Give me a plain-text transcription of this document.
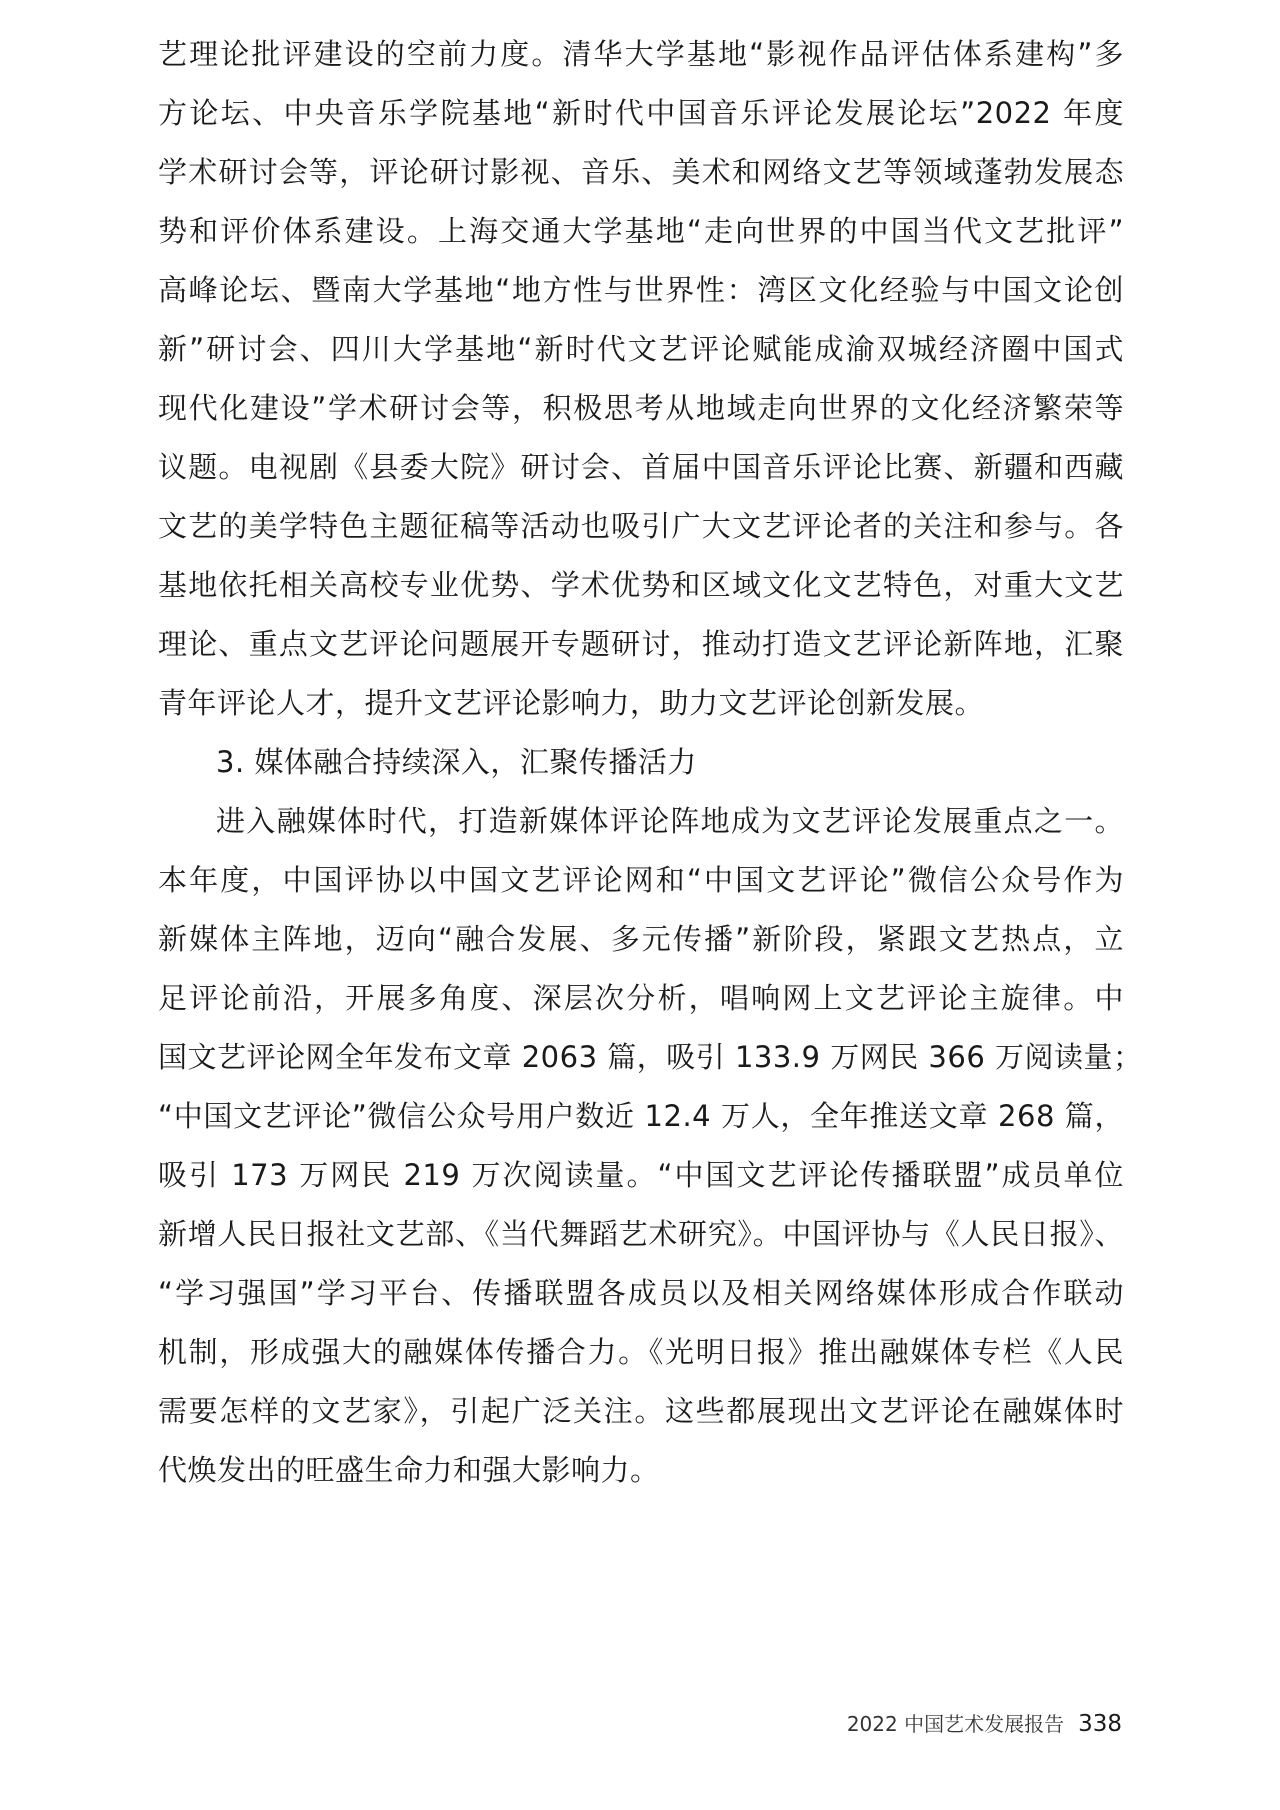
艺理论批评建设的空前力度。清华大学基地“影视作品评估体系建构”多
方论坛、中央音乐学院基地“新时代中国音乐评论发展论坛”2022 年度
学术研讨会等，评论研讨影视、音乐、美术和网络文艺等领域蓬勃发展态
势和评价体系建设。上海交通大学基地“走向世界的中国当代文艺批评”
高峰论坛、暨南大学基地“地方性与世界性：湾区文化经验与中国文论创
新”研讨会、四川大学基地“新时代文艺评论赋能成渝双城经济圈中国式
现代化建设”学术研讨会等，积极思考从地域走向世界的文化经济繁荣等
议题。电视剧《县委大院》研讨会、首届中国音乐评论比赛、新疆和西藏
文艺的美学特色主题征稿等活动也吸引广大文艺评论者的关注和参与。各
基地依托相关高校专业优势、学术优势和区域文化文艺特色，对重大文艺
理论、重点文艺评论问题展开专题研讨，推动打造文艺评论新阵地，汇聚
青年评论人才，提升文艺评论影响力，助力文艺评论创新发展。
3. 媒体融合持续深入，汇聚传播活力
进入融媒体时代，打造新媒体评论阵地成为文艺评论发展重点之一。
本年度，中国评协以中国文艺评论网和“中国文艺评论”微信公众号作为
新媒体主阵地，迈向“融合发展、多元传播”新阶段，紧跟文艺热点，立
足评论前沿，开展多角度、深层次分析，唱响网上文艺评论主旋律。中
国文艺评论网全年发布文章 2063 篇，吸引 133.9 万网民 366 万阅读量；
“中国文艺评论”微信公众号用户数近 12.4 万人，全年推送文章 268 篇，
吸引 173 万网民 219 万次阅读量。“中国文艺评论传播联盟”成员单位
新增人民日报社文艺部、《当代舞蹈艺术研究》。中国评协与《人民日报》、
“学习强国”学习平台、传播联盟各成员以及相关网络媒体形成合作联动
机制，形成强大的融媒体传播合力。《光明日报》推出融媒体专栏《人民
需要怎样的文艺家》，引起广泛关注。这些都展现出文艺评论在融媒体时
代焕发出的旺盛生命力和强大影响力。
2022 中国艺术发展报告 338
